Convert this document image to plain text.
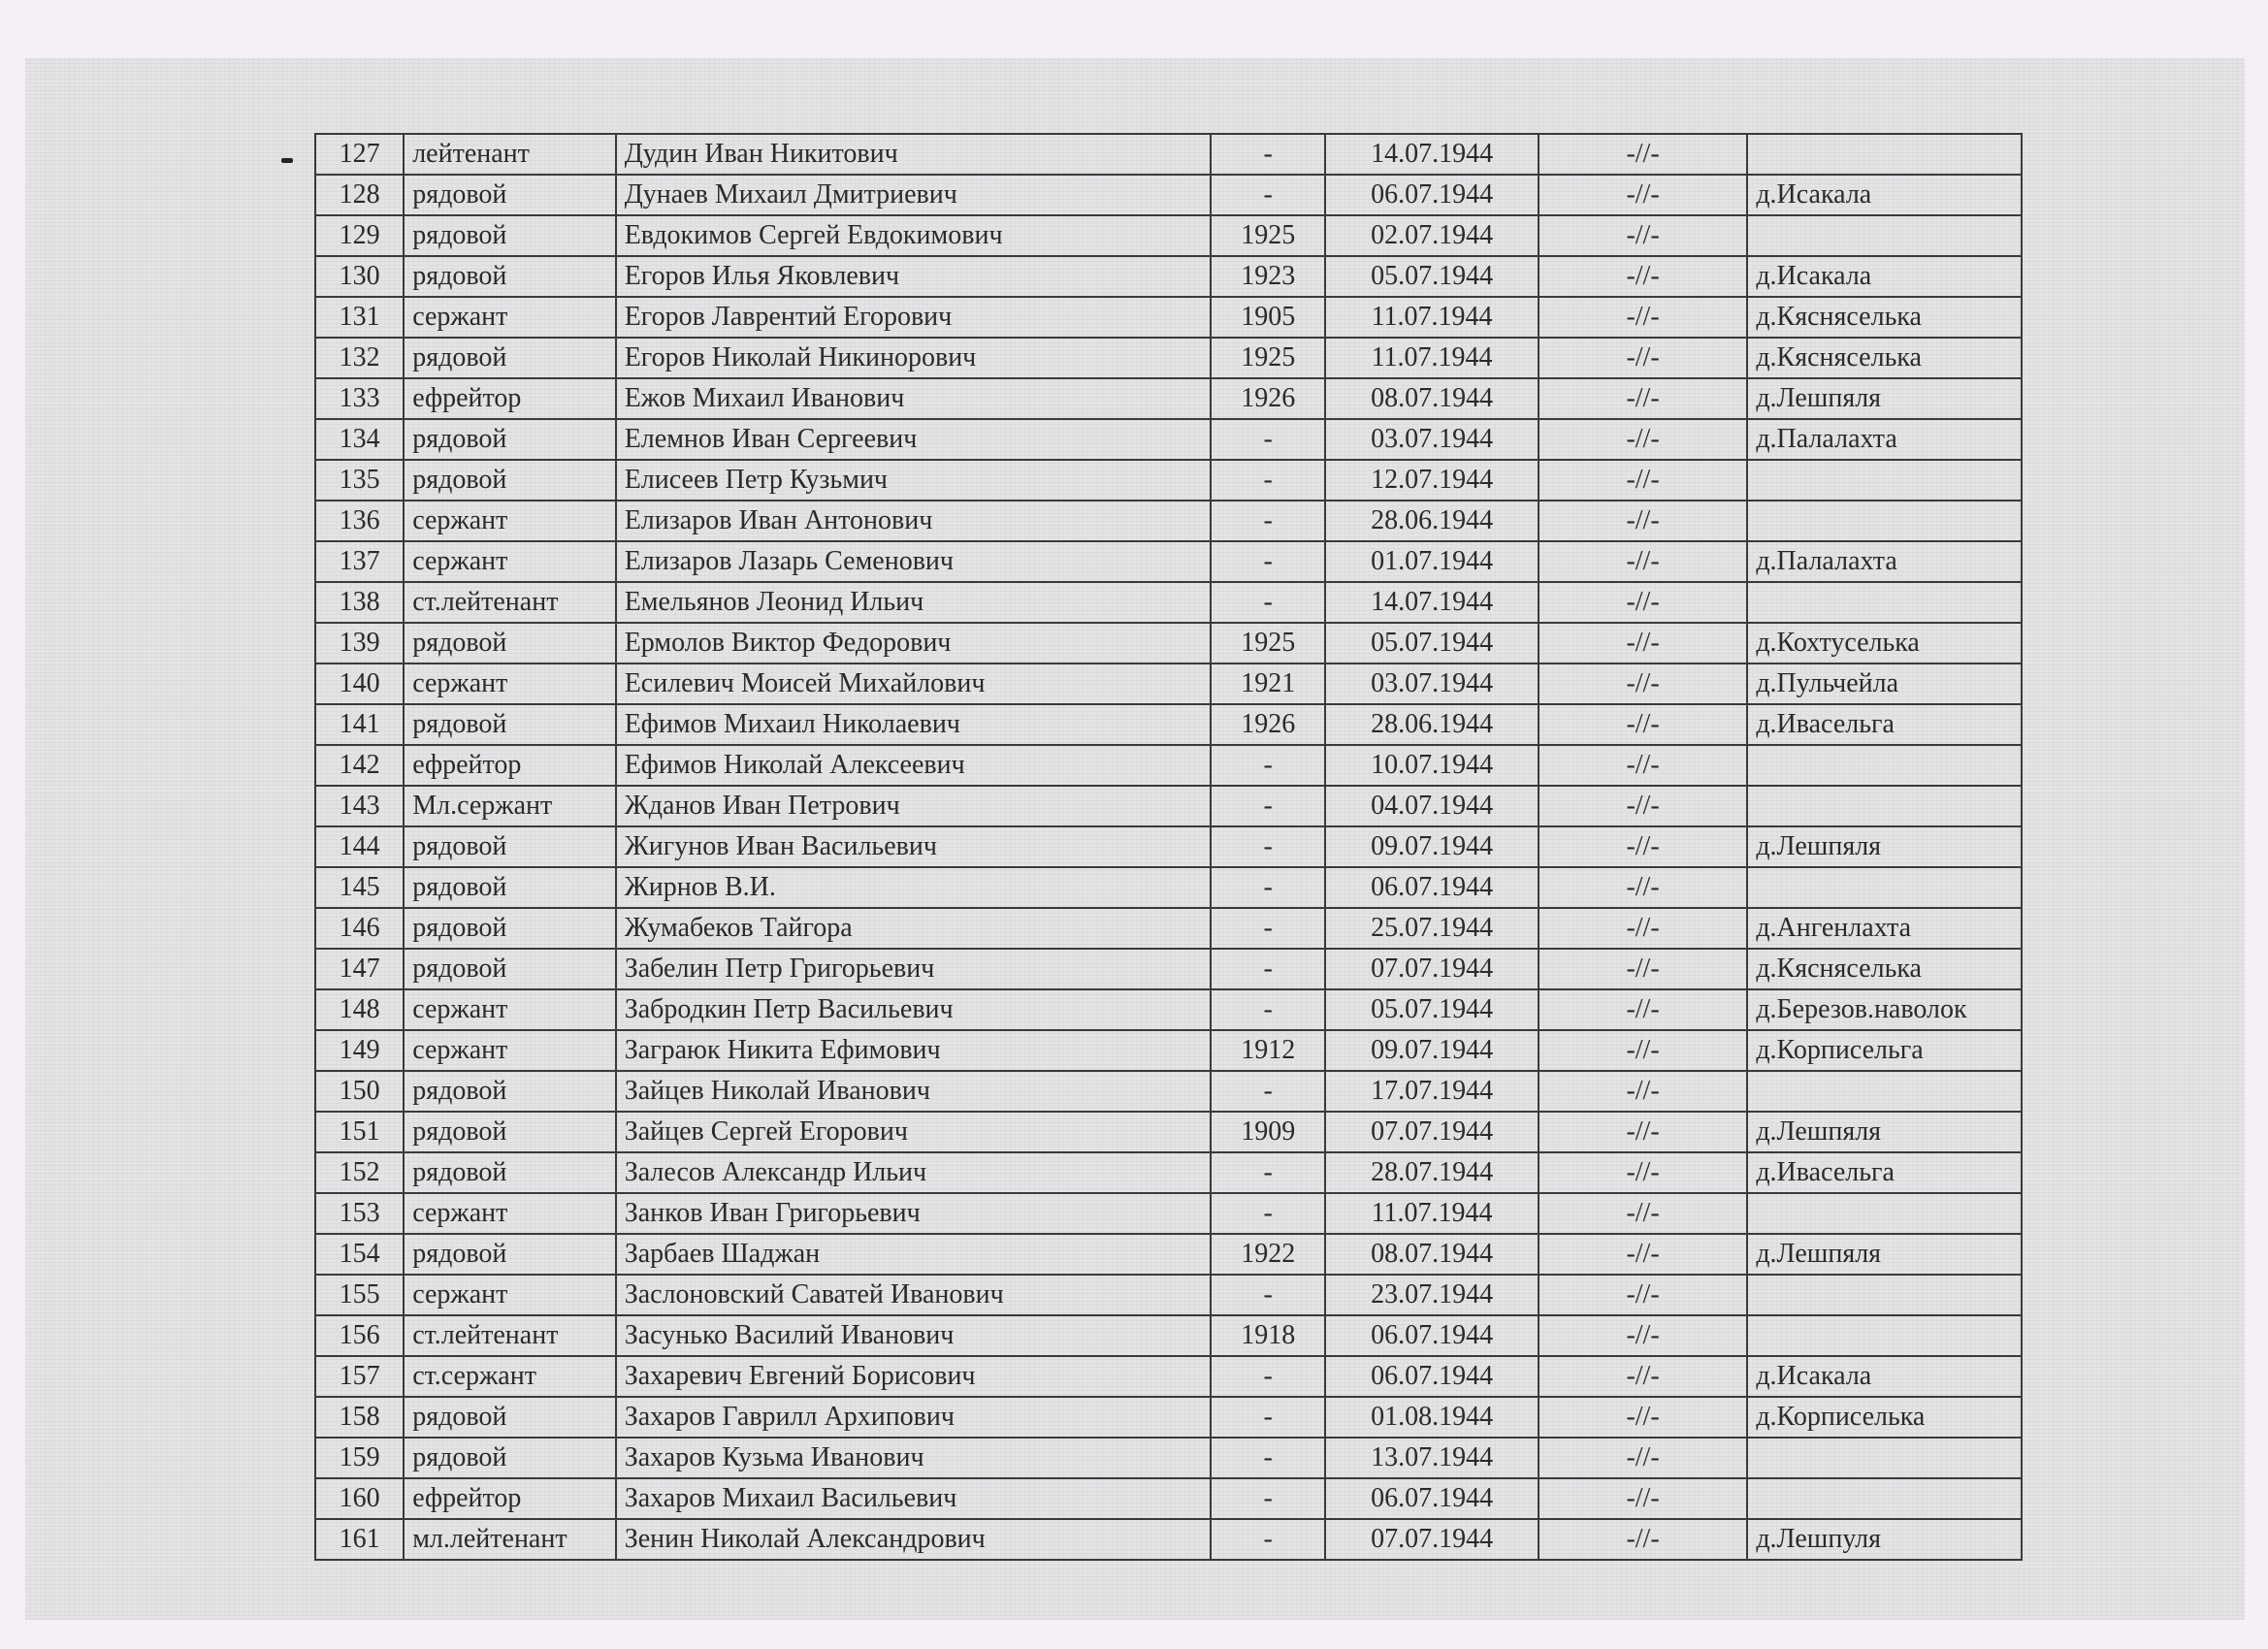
127	лейтенант	Дудин Иван Никитович	-	14.07.1944	-//-	
128	рядовой	Дунаев Михаил Дмитриевич	-	06.07.1944	-//-	д.Исакала
129	рядовой	Евдокимов Сергей Евдокимович	1925	02.07.1944	-//-	
130	рядовой	Егоров Илья Яковлевич	1923	05.07.1944	-//-	д.Исакала
131	сержант	Егоров Лаврентий Егорович	1905	11.07.1944	-//-	д.Кясняселька
132	рядовой	Егоров Николай Никинорович	1925	11.07.1944	-//-	д.Кясняселька
133	ефрейтор	Ежов Михаил Иванович	1926	08.07.1944	-//-	д.Лешпяля
134	рядовой	Елемнов Иван Сергеевич	-	03.07.1944	-//-	д.Палалахта
135	рядовой	Елисеев Петр Кузьмич	-	12.07.1944	-//-	
136	сержант	Елизаров Иван Антонович	-	28.06.1944	-//-	
137	сержант	Елизаров Лазарь Семенович	-	01.07.1944	-//-	д.Палалахта
138	ст.лейтенант	Емельянов Леонид Ильич	-	14.07.1944	-//-	
139	рядовой	Ермолов Виктор Федорович	1925	05.07.1944	-//-	д.Кохтуселька
140	сержант	Есилевич Моисей Михайлович	1921	03.07.1944	-//-	д.Пульчейла
141	рядовой	Ефимов Михаил Николаевич	1926	28.06.1944	-//-	д.Ивасельга
142	ефрейтор	Ефимов Николай Алексеевич	-	10.07.1944	-//-	
143	Мл.сержант	Жданов Иван Петрович	-	04.07.1944	-//-	
144	рядовой	Жигунов Иван Васильевич	-	09.07.1944	-//-	д.Лешпяля
145	рядовой	Жирнов В.И.	-	06.07.1944	-//-	
146	рядовой	Жумабеков Тайгора	-	25.07.1944	-//-	д.Ангенлахта
147	рядовой	Забелин Петр Григорьевич	-	07.07.1944	-//-	д.Кясняселька
148	сержант	Забродкин Петр Васильевич	-	05.07.1944	-//-	д.Березов.наволок
149	сержант	Заграюк Никита Ефимович	1912	09.07.1944	-//-	д.Корписельга
150	рядовой	Зайцев Николай Иванович	-	17.07.1944	-//-	
151	рядовой	Зайцев Сергей Егорович	1909	07.07.1944	-//-	д.Лешпяля
152	рядовой	Залесов Александр Ильич	-	28.07.1944	-//-	д.Ивасельга
153	сержант	Занков Иван Григорьевич	-	11.07.1944	-//-	
154	рядовой	Зарбаев Шаджан	1922	08.07.1944	-//-	д.Лешпяля
155	сержант	Заслоновский Саватей Иванович	-	23.07.1944	-//-	
156	ст.лейтенант	Засунько Василий Иванович	1918	06.07.1944	-//-	
157	ст.сержант	Захаревич Евгений Борисович	-	06.07.1944	-//-	д.Исакала
158	рядовой	Захаров Гаврилл Архипович	-	01.08.1944	-//-	д.Корписелька
159	рядовой	Захаров Кузьма Иванович	-	13.07.1944	-//-	
160	ефрейтор	Захаров Михаил Васильевич	-	06.07.1944	-//-	
161	мл.лейтенант	Зенин Николай Александрович	-	07.07.1944	-//-	д.Лешпуля
